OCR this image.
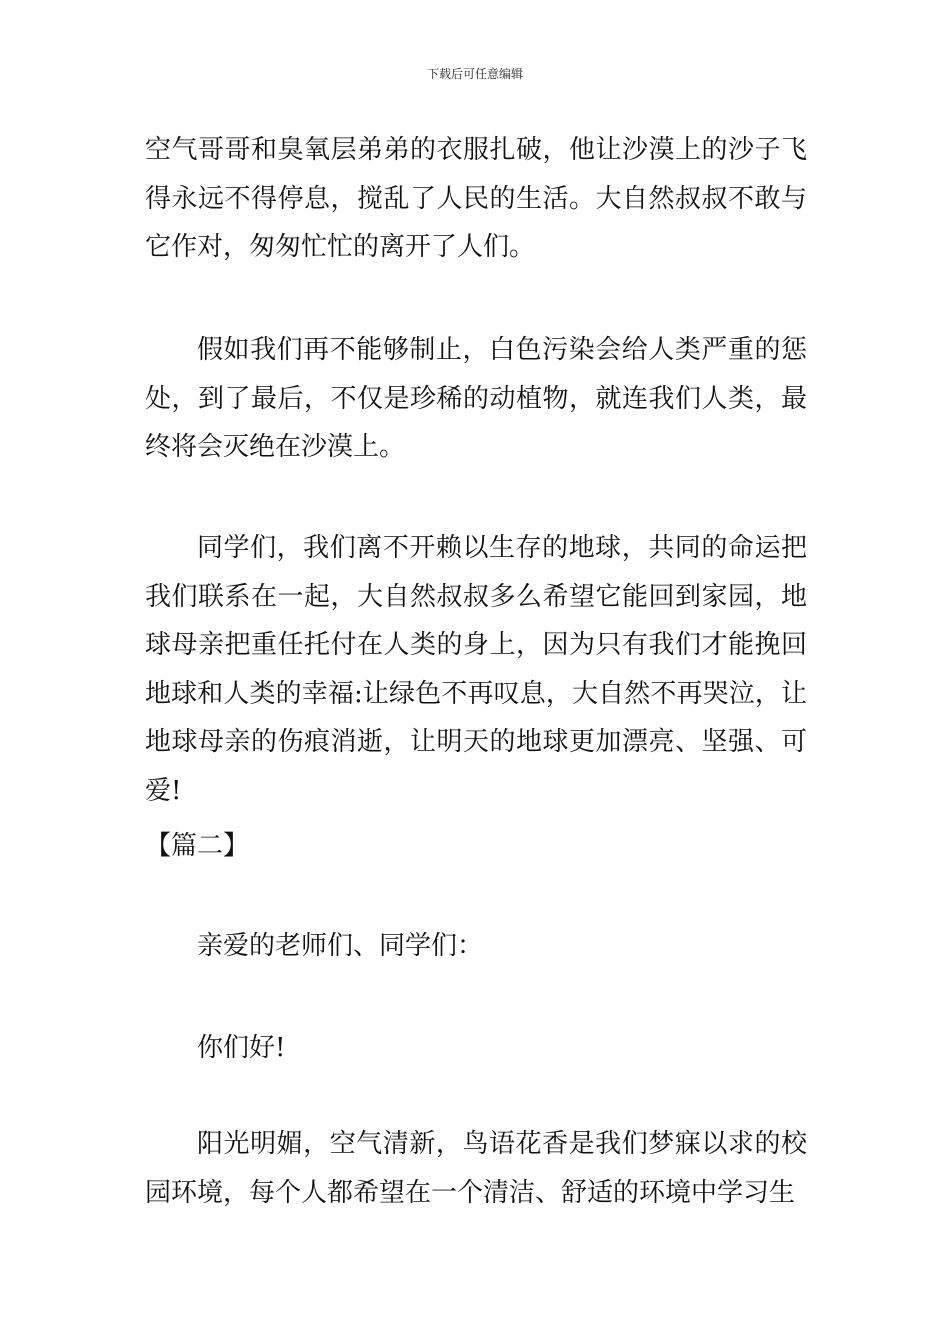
下载后可任意编辑

空气哥哥和臭氧层弟弟的衣服扎破，他让沙漠上的沙子飞得永远不得停息，搅乱了人民的生活。大自然叔叔不敢与它作对，匆匆忙忙的离开了人们。

假如我们再不能够制止，白色污染会给人类严重的惩处，到了最后，不仅是珍稀的动植物，就连我们人类，最终将会灭绝在沙漠上。

同学们，我们离不开赖以生存的地球，共同的命运把我们联系在一起，大自然叔叔多么希望它能回到家园，地球母亲把重任托付在人类的身上，因为只有我们才能挽回地球和人类的幸福:让绿色不再叹息，大自然不再哭泣，让地球母亲的伤痕消逝，让明天的地球更加漂亮、坚强、可爱!

【篇二】

亲爱的老师们、同学们：

你们好!

阳光明媚，空气清新，鸟语花香是我们梦寐以求的校园环境，每个人都希望在一个清洁、舒适的环境中学习生
